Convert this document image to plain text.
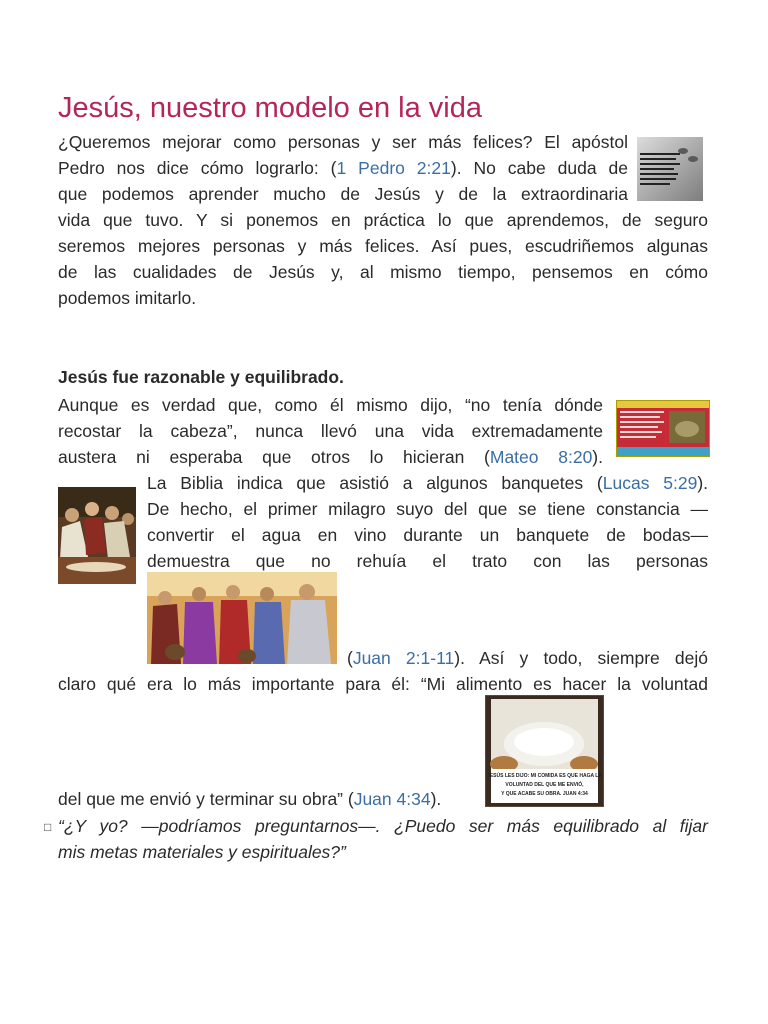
Jesús, nuestro modelo en la vida
¿Queremos mejorar como personas y ser más felices? El apóstol
Pedro nos dice cómo lograrlo: (1 Pedro 2:21). No cabe duda de
que podemos aprender mucho de Jesús y de la extraordinaria
vida que tuvo. Y si ponemos en práctica lo que aprendemos, de seguro
seremos mejores personas y más felices. Así pues, escudriñemos algunas
de las cualidades de Jesús y, al mismo tiempo, pensemos en cómo
podemos imitarlo.
Jesús fue razonable y equilibrado.
Aunque es verdad que, como él mismo dijo, “no tenía dónde
recostar la cabeza”, nunca llevó una vida extremadamente
austera ni esperaba que otros lo hicieran (Mateo 8:20).
La Biblia indica que asistió a algunos banquetes (Lucas 5:29).
De hecho, el primer milagro suyo del que se tiene constancia —
convertir el agua en vino durante un banquete de bodas—
demuestra que no rehuía el trato con las personas
(Juan 2:1-11). Así y todo, siempre dejó
claro qué era lo más importante para él: “Mi alimento es hacer la voluntad
JESÚS LES DIJO: MI COMIDA ES QUE HAGA LA
VOLUNTAD DEL QUE ME ENVIÓ,
Y QUE ACABE SU OBRA. JUAN 4:34
del que me envió y terminar su obra” (Juan 4:34).
□ “¿Y yo? —podríamos preguntarnos—. ¿Puedo ser más equilibrado al fijar
mis metas materiales y espirituales?”
